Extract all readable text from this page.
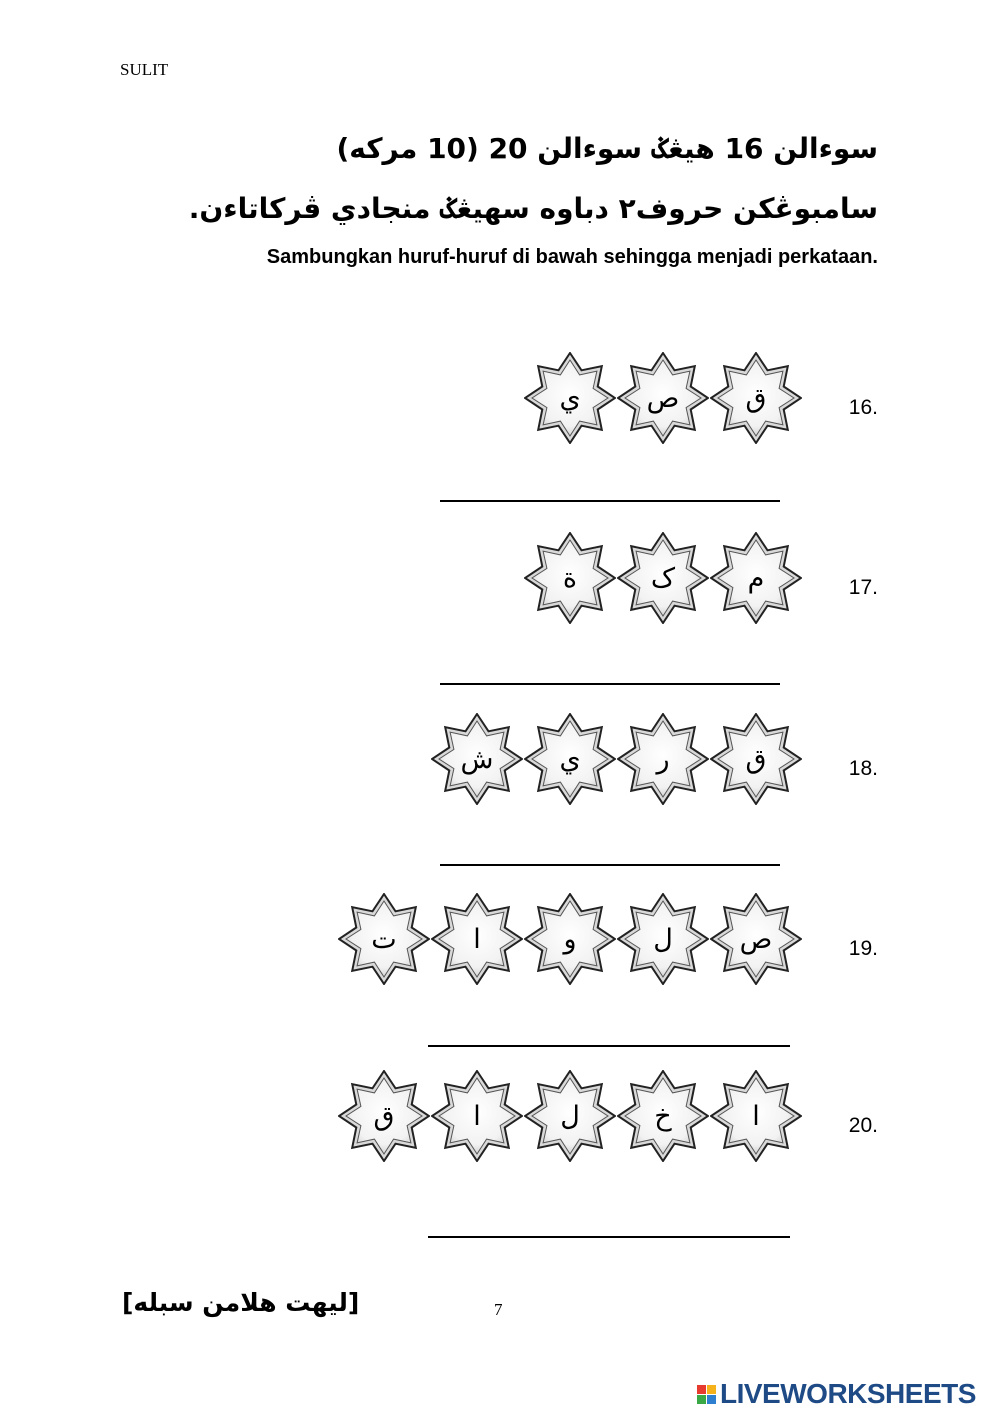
SULIT
سوءالن 16 هيڠݢ سوءالن 20 (10 مرکه)
سامبوڠکن حروف٢ دباوه سهيڠݢ منجادي ڤرکاتاءن.
Sambungkan huruf-huruf di bawah sehingga menjadi perkataan.
16.
ق
ص
ي
17.
م
ک
ة
18.
ق
ر
ي
ش
19.
ص
ل
و
ا
ت
20.
ا
خ
ل
ا
ق
[ليهت هلامن سبله]	7
LIVEWORKSHEETS
